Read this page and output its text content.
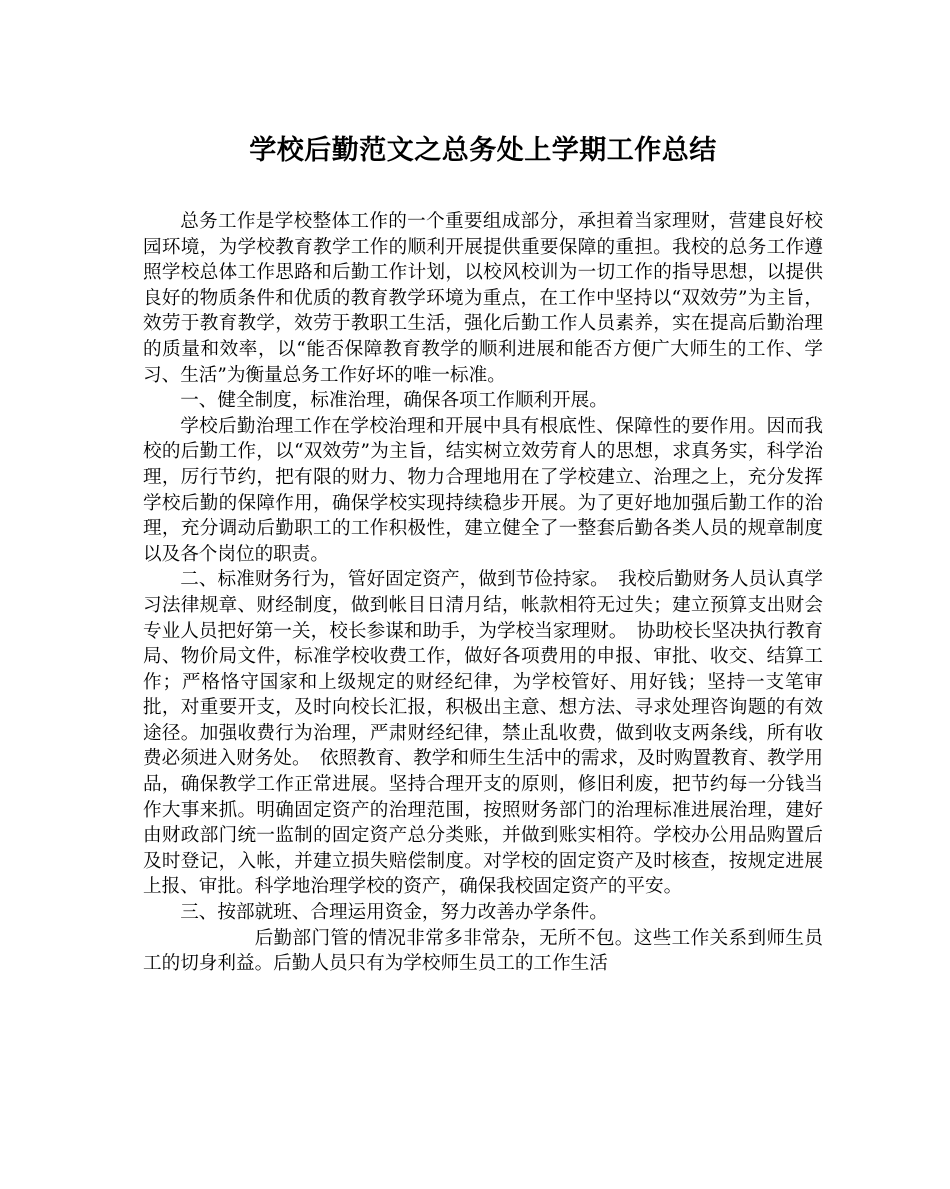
学校后勤范文之总务处上学期工作总结

总务工作是学校整体工作的一个重要组成部分，承担着当家理财，营建良好校园环境，为学校教育教学工作的顺利开展提供重要保障的重担。我校的总务工作遵照学校总体工作思路和后勤工作计划，以校风校训为一切工作的指导思想，以提供良好的物质条件和优质的教育教学环境为重点，在工作中坚持以“双效劳”为主旨，效劳于教育教学，效劳于教职工生活，强化后勤工作人员素养，实在提高后勤治理的质量和效率，以“能否保障教育教学的顺利进展和能否方便广大师生的工作、学习、生活”为衡量总务工作好坏的唯一标准。

一、健全制度，标准治理，确保各项工作顺利开展。

学校后勤治理工作在学校治理和开展中具有根底性、保障性的要作用。因而我校的后勤工作，以“双效劳”为主旨，结实树立效劳育人的思想，求真务实，科学治理，厉行节约，把有限的财力、物力合理地用在了学校建立、治理之上，充分发挥学校后勤的保障作用，确保学校实现持续稳步开展。为了更好地加强后勤工作的治理，充分调动后勤职工的工作积极性，建立健全了一整套后勤各类人员的规章制度以及各个岗位的职责。

二、标准财务行为，管好固定资产，做到节俭持家。　我校后勤财务人员认真学习法律规章、财经制度，做到帐目日清月结，帐款相符无过失；建立预算支出财会专业人员把好第一关，校长参谋和助手，为学校当家理财。　协助校长坚决执行教育局、物价局文件，标准学校收费工作，做好各项费用的申报、审批、收交、结算工作；严格恪守国家和上级规定的财经纪律，为学校管好、用好钱；坚持一支笔审批，对重要开支，及时向校长汇报，积极出主意、想方法、寻求处理咨询题的有效途径。加强收费行为治理，严肃财经纪律，禁止乱收费，做到收支两条线，所有收费必须进入财务处。　依照教育、教学和师生生活中的需求，及时购置教育、教学用品，确保教学工作正常进展。坚持合理开支的原则，修旧利废，把节约每一分钱当作大事来抓。明确固定资产的治理范围，按照财务部门的治理标准进展治理，建好由财政部门统一监制的固定资产总分类账，并做到账实相符。学校办公用品购置后及时登记，入帐，并建立损失赔偿制度。对学校的固定资产及时核查，按规定进展上报、审批。科学地治理学校的资产，确保我校固定资产的平安。

三、按部就班、合理运用资金，努力改善办学条件。

后勤部门管的情况非常多非常杂，无所不包。这些工作关系到师生员工的切身利益。后勤人员只有为学校师生员工的工作生活
